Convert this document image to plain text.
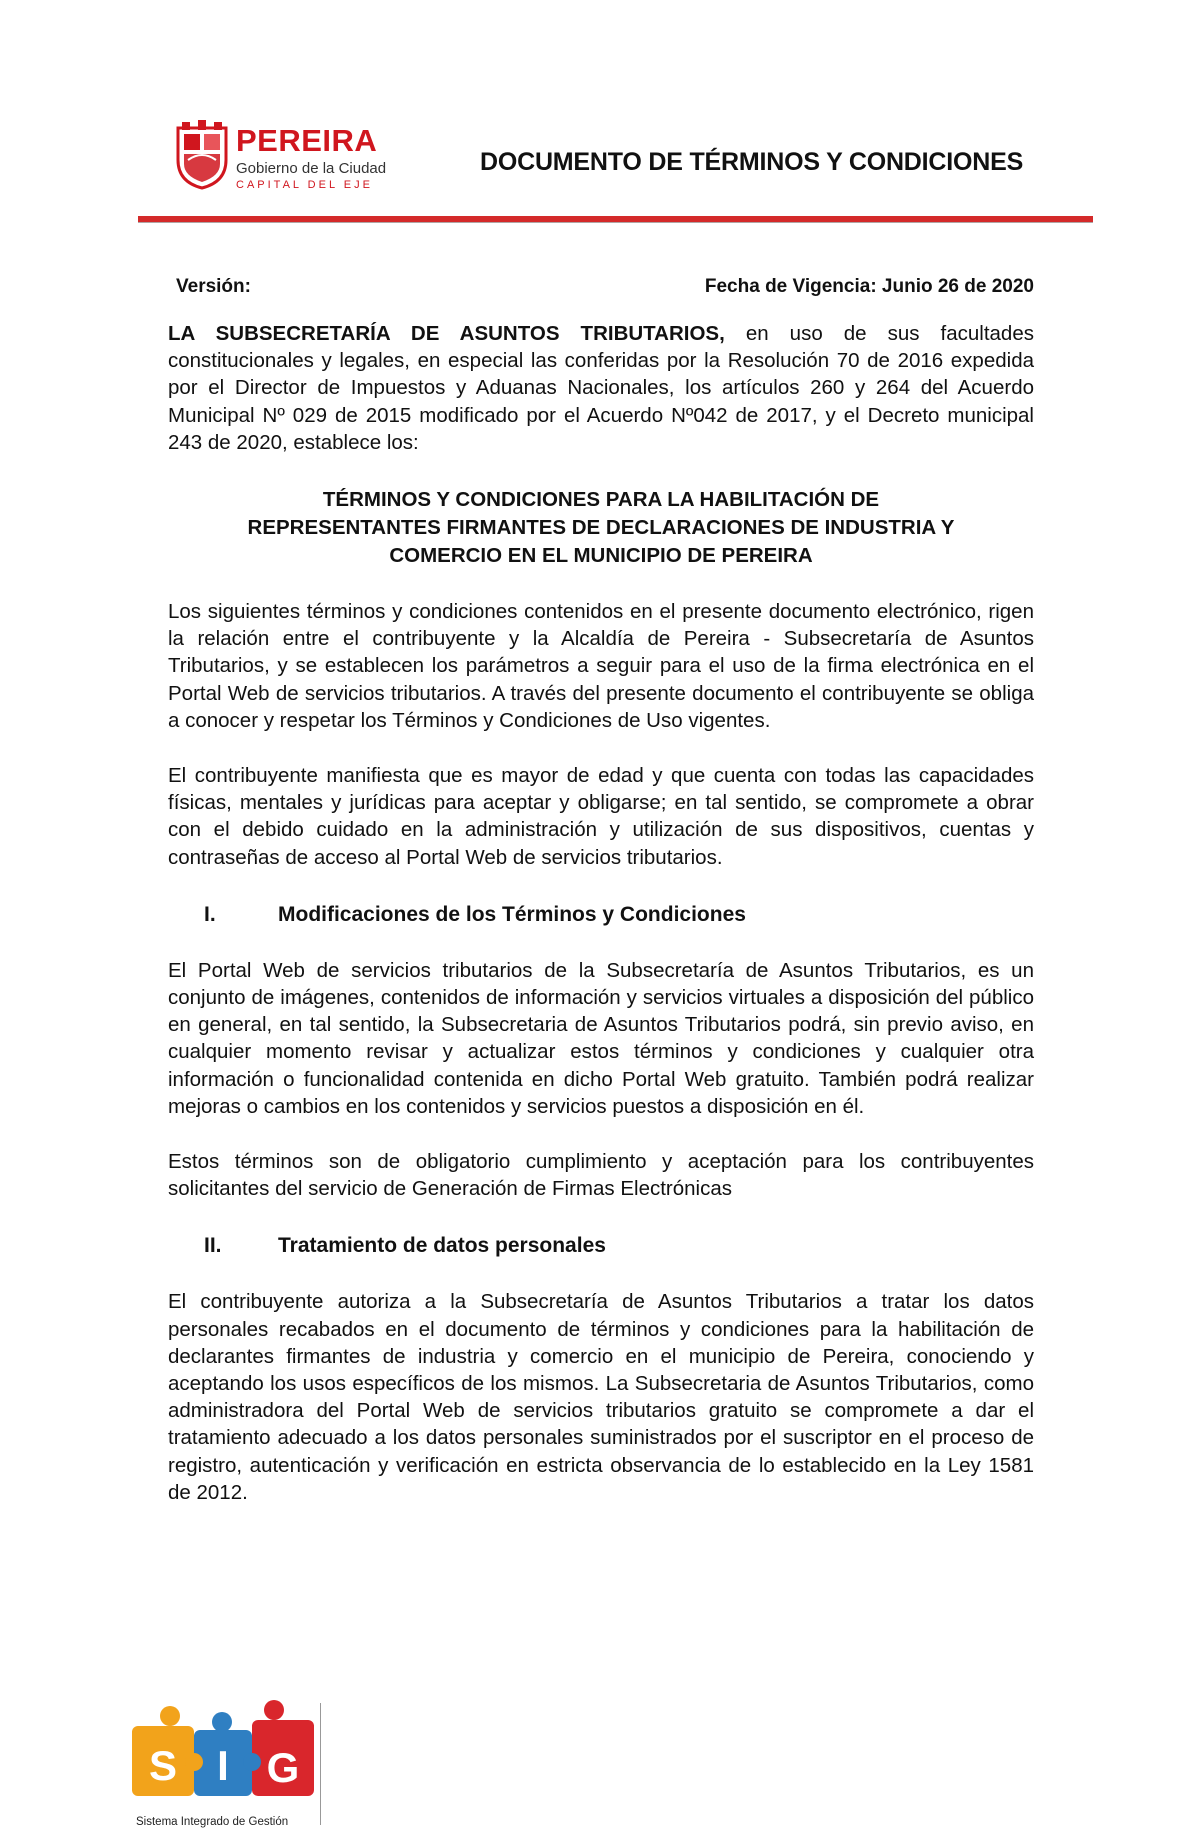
PEREIRA
Gobierno de la Ciudad
CAPITAL DEL EJE
DOCUMENTO DE TÉRMINOS Y CONDICIONES
Versión:	Fecha de Vigencia: Junio 26 de 2020

LA SUBSECRETARÍA DE ASUNTOS TRIBUTARIOS, en uso de sus facultades constitucionales y legales, en especial las conferidas por la Resolución 70 de 2016 expedida por el Director de Impuestos y Aduanas Nacionales, los artículos 260 y 264 del Acuerdo Municipal Nº 029 de 2015 modificado por el Acuerdo Nº042 de 2017, y el Decreto municipal 243 de 2020, establece los:

TÉRMINOS Y CONDICIONES PARA LA HABILITACIÓN DE
REPRESENTANTES FIRMANTES DE DECLARACIONES DE INDUSTRIA Y
COMERCIO EN EL MUNICIPIO DE PEREIRA

Los siguientes términos y condiciones contenidos en el presente documento electrónico, rigen la relación entre el contribuyente y la Alcaldía de Pereira - Subsecretaría de Asuntos Tributarios, y se establecen los parámetros a seguir para el uso de la firma electrónica en el Portal Web de servicios tributarios. A través del presente documento el contribuyente se obliga a conocer y respetar los Términos y Condiciones de Uso vigentes.

El contribuyente manifiesta que es mayor de edad y que cuenta con todas las capacidades físicas, mentales y jurídicas para aceptar y obligarse; en tal sentido, se compromete a obrar con el debido cuidado en la administración y utilización de sus dispositivos, cuentas y contraseñas de acceso al Portal Web de servicios tributarios.

I.	Modificaciones de los Términos y Condiciones

El Portal Web de servicios tributarios de la Subsecretaría de Asuntos Tributarios, es un conjunto de imágenes, contenidos de información y servicios virtuales a disposición del público en general, en tal sentido, la Subsecretaria de Asuntos Tributarios podrá, sin previo aviso, en cualquier momento revisar y actualizar estos términos y condiciones y cualquier otra información o funcionalidad contenida en dicho Portal Web gratuito. También podrá realizar mejoras o cambios en los contenidos y servicios puestos a disposición en él.

Estos términos son de obligatorio cumplimiento y aceptación para los contribuyentes solicitantes del servicio de Generación de Firmas Electrónicas

II.	Tratamiento de datos personales

El contribuyente autoriza a la Subsecretaría de Asuntos Tributarios a tratar los datos personales recabados en el documento de términos y condiciones para la habilitación de declarantes firmantes de industria y comercio en el municipio de Pereira, conociendo y aceptando los usos específicos de los mismos. La Subsecretaria de Asuntos Tributarios, como administradora del Portal Web de servicios tributarios gratuito se compromete a dar el tratamiento adecuado a los datos personales suministrados por el suscriptor en el proceso de registro, autenticación y verificación en estricta observancia de lo establecido en la Ley 1581 de 2012.

S I G
Sistema Integrado de Gestión
